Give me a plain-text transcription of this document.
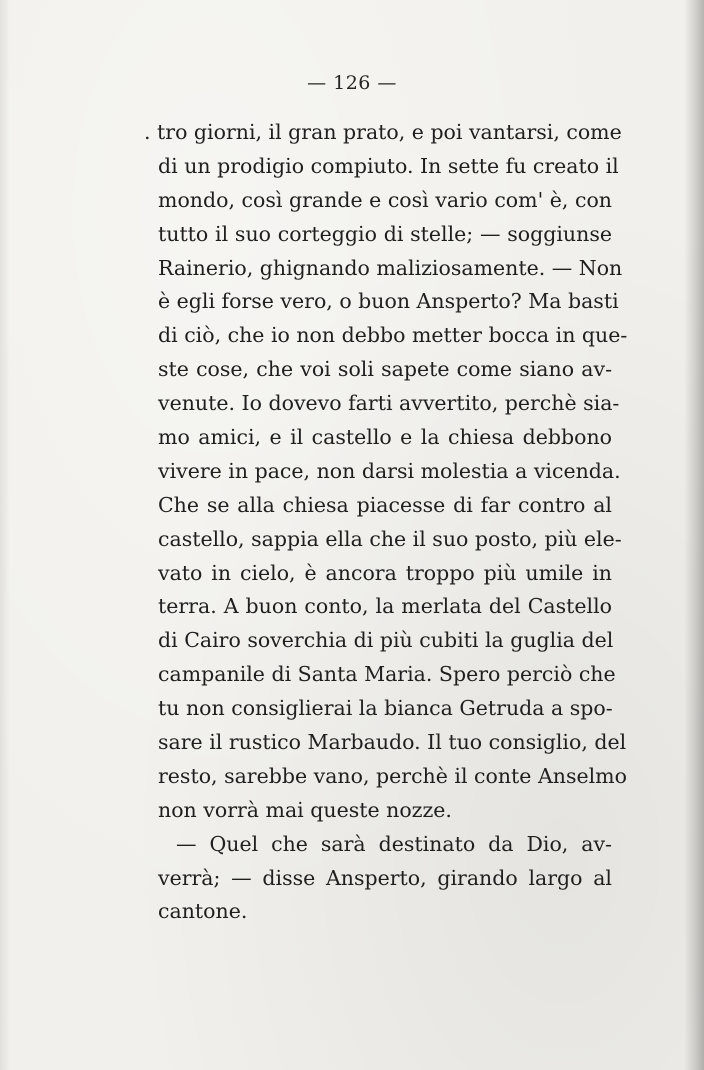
— 126 —
. tro giorni, il gran prato, e poi vantarsi, come
di un prodigio compiuto. In sette fu creato il
mondo, così grande e così vario com' è, con
tutto il suo corteggio di stelle; — soggiunse
Rainerio, ghignando maliziosamente. — Non
è egli forse vero, o buon Ansperto? Ma basti
di ciò, che io non debbo metter bocca in que-
ste cose, che voi soli sapete come siano av-
venute. Io dovevo farti avvertito, perchè sia-
mo amici, e il castello e la chiesa debbono
vivere in pace, non darsi molestia a vicenda.
Che se alla chiesa piacesse di far contro al
castello, sappia ella che il suo posto, più ele-
vato in cielo, è ancora troppo più umile in
terra. A buon conto, la merlata del Castello
di Cairo soverchia di più cubiti la guglia del
campanile di Santa Maria. Spero perciò che
tu non consiglierai la bianca Getruda a spo-
sare il rustico Marbaudo. Il tuo consiglio, del
resto, sarebbe vano, perchè il conte Anselmo
non vorrà mai queste nozze.
— Quel che sarà destinato da Dio, av-
verrà; — disse Ansperto, girando largo al
cantone.
